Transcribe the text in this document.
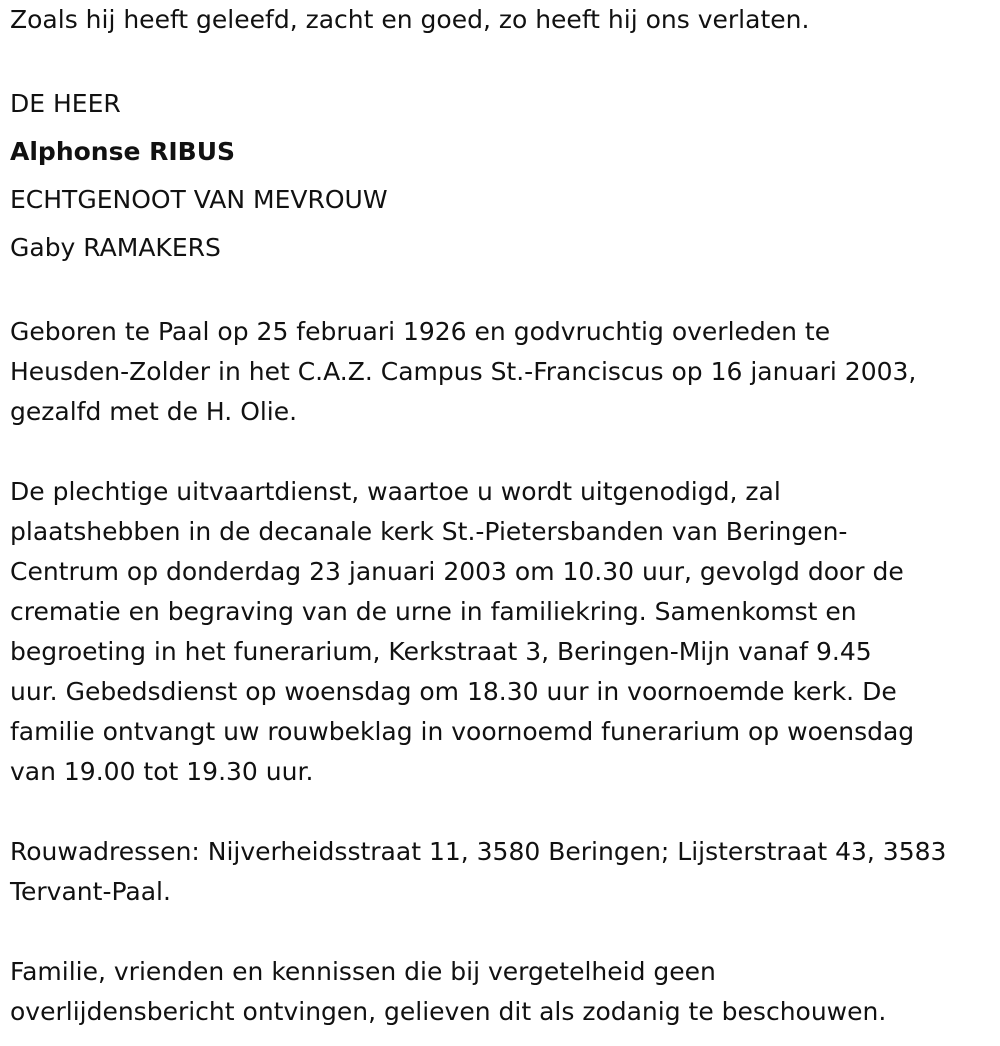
Zoals hij heeft geleefd, zacht en goed, zo heeft hij ons verlaten.
DE HEER
Alphonse RIBUS
ECHTGENOOT VAN MEVROUW
Gaby RAMAKERS
Geboren te Paal op 25 februari 1926 en godvruchtig overleden te
Heusden-Zolder in het C.A.Z. Campus St.-Franciscus op 16 januari 2003,
gezalfd met de H. Olie.
De plechtige uitvaartdienst, waartoe u wordt uitgenodigd, zal
plaatshebben in de decanale kerk St.-Pietersbanden van Beringen-
Centrum op donderdag 23 januari 2003 om 10.30 uur, gevolgd door de
crematie en begraving van de urne in familiekring. Samenkomst en
begroeting in het funerarium, Kerkstraat 3, Beringen-Mijn vanaf 9.45
uur. Gebedsdienst op woensdag om 18.30 uur in voornoemde kerk. De
familie ontvangt uw rouwbeklag in voornoemd funerarium op woensdag
van 19.00 tot 19.30 uur.
Rouwadressen: Nijverheidsstraat 11, 3580 Beringen; Lijsterstraat 43, 3583
Tervant-Paal.
Familie, vrienden en kennissen die bij vergetelheid geen
overlijdensbericht ontvingen, gelieven dit als zodanig te beschouwen.
